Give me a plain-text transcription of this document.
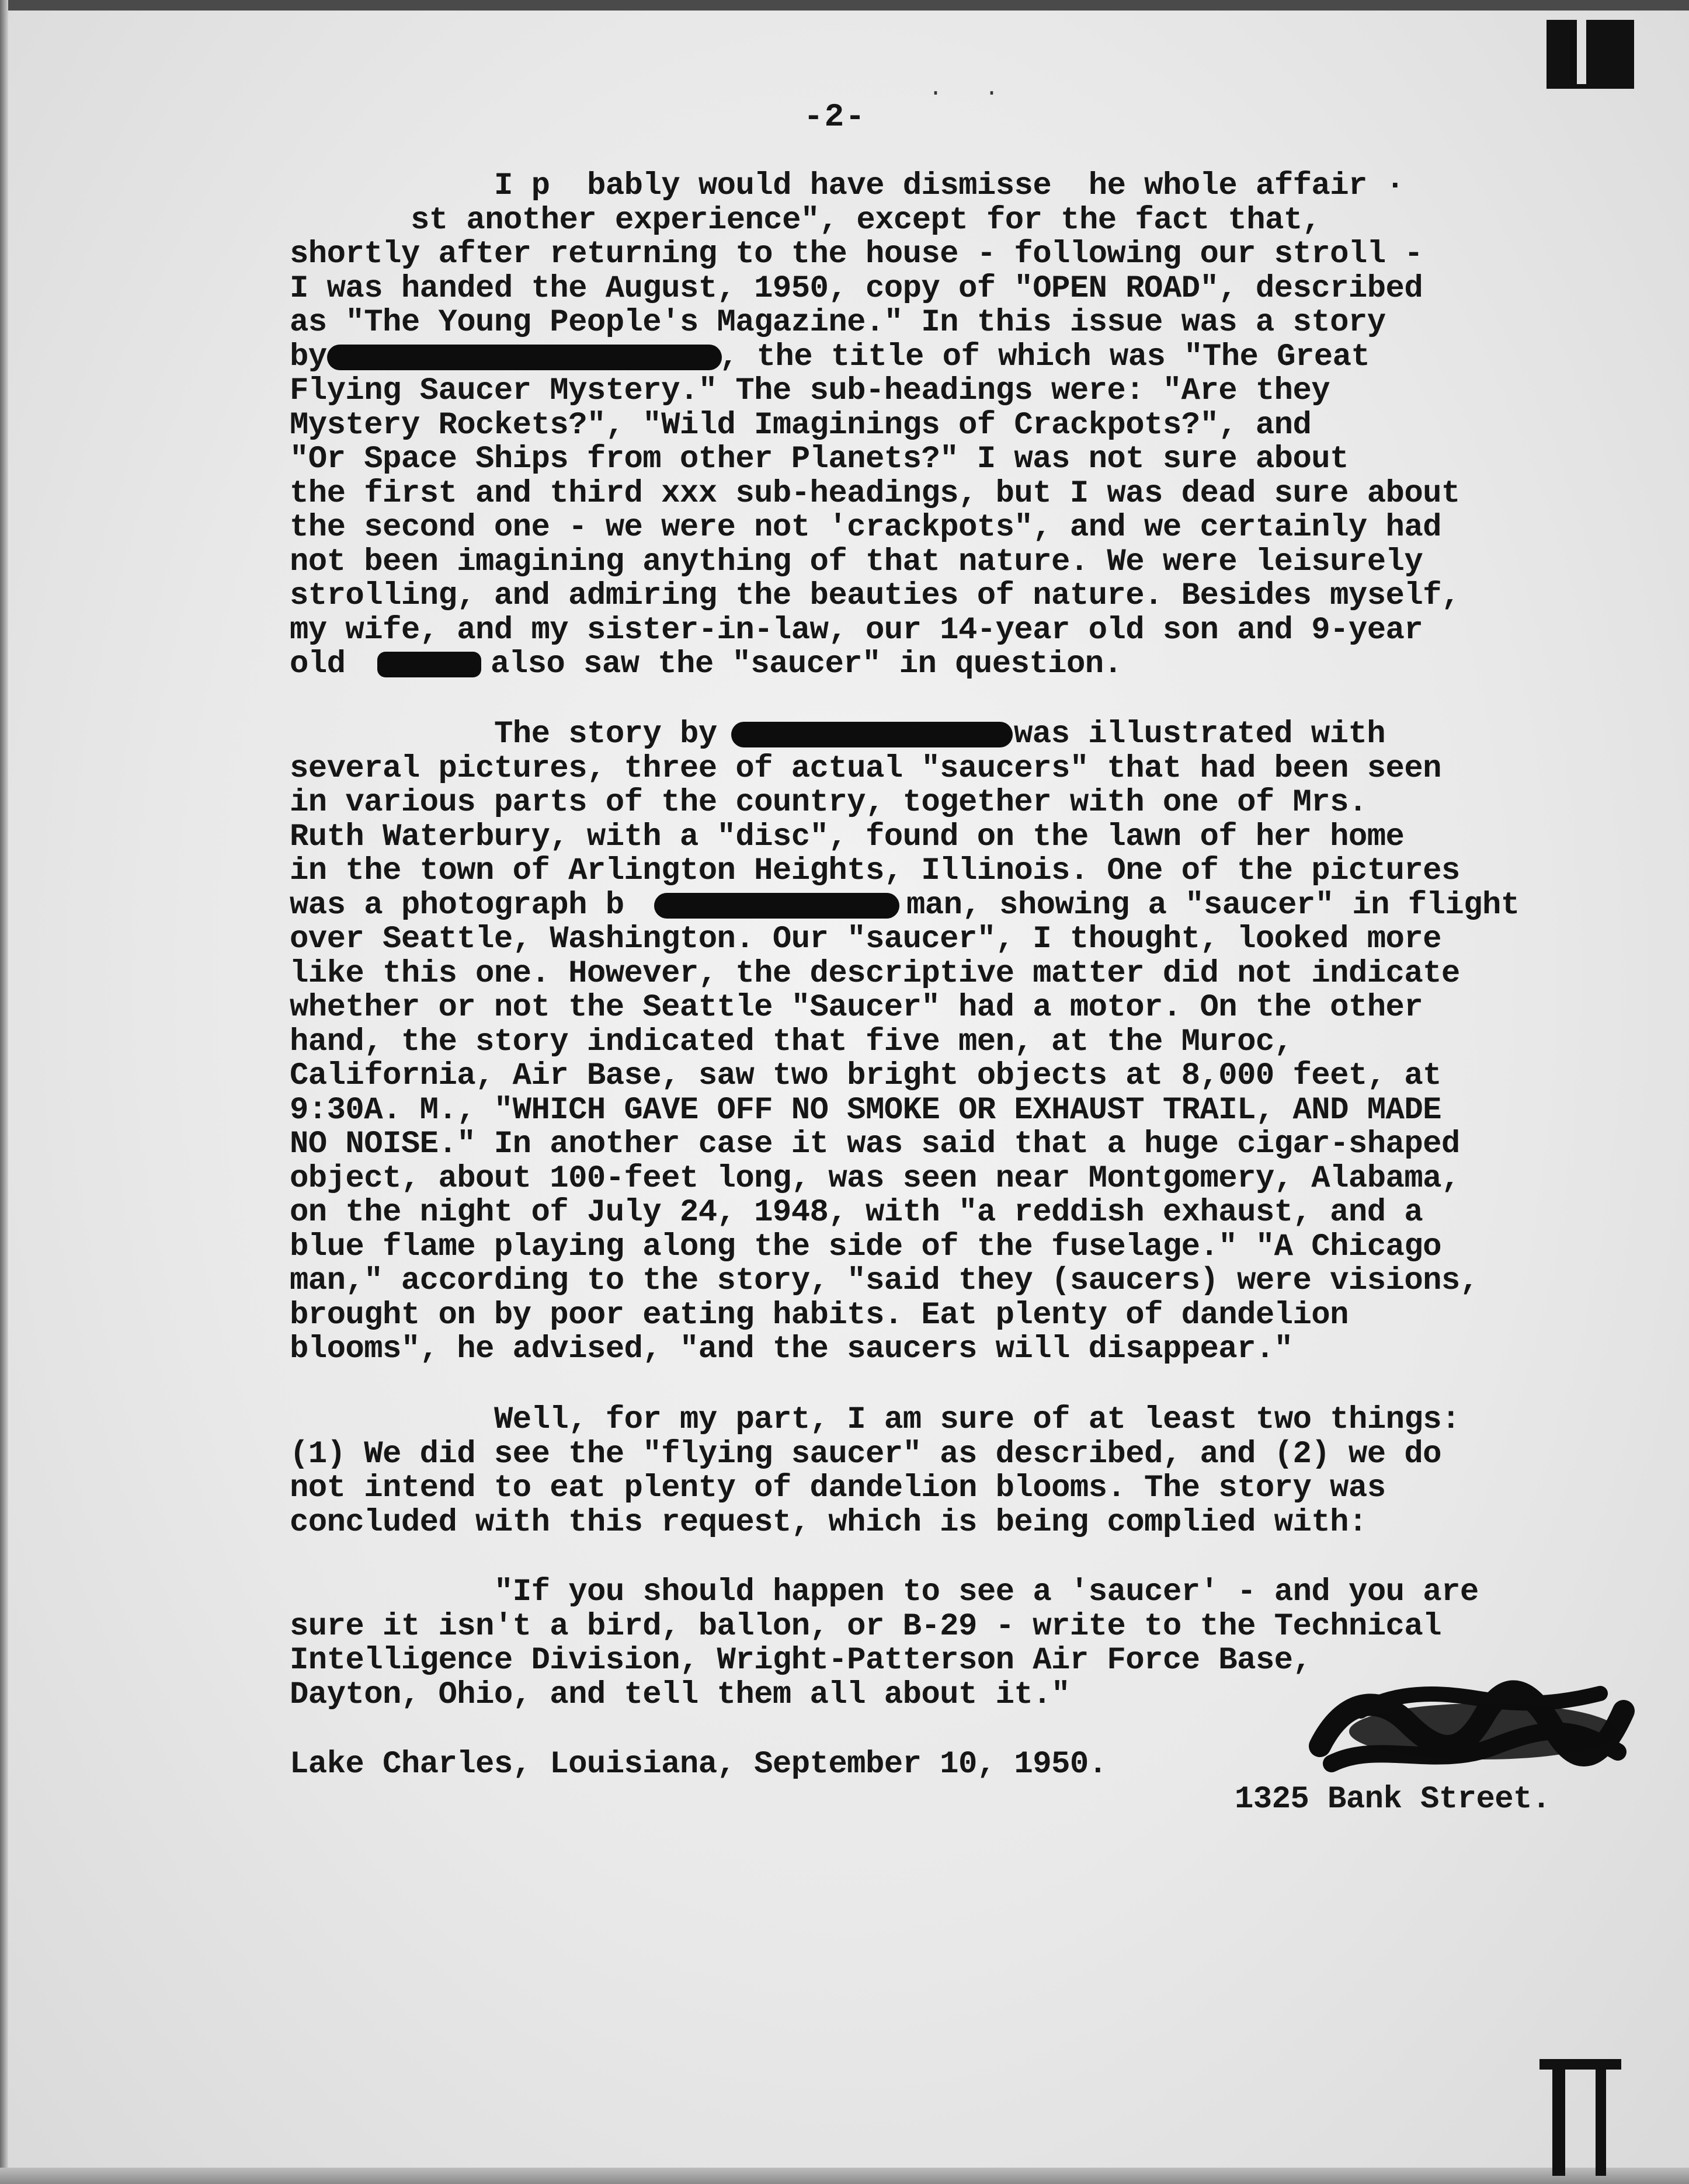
-2-
·   ·
I p  bably would have dismisse  he whole affair ·
st another experience", except for the fact that,
shortly after returning to the house - following our stroll -
I was handed the August, 1950, copy of "OPEN ROAD", described
as "The Young People's Magazine." In this issue was a story
by	, the title of which was "The Great
Flying Saucer Mystery." The sub-headings were: "Are they
Mystery Rockets?", "Wild Imaginings of Crackpots?", and
"Or Space Ships from other Planets?" I was not sure about
the first and third xxx sub-headings, but I was dead sure about
the second one - we were not 'crackpots", and we certainly had
not been imagining anything of that nature. We were leisurely
strolling, and admiring the beauties of nature. Besides myself,
my wife, and my sister-in-law, our 14-year old son and 9-year
old	also saw the "saucer" in question.
The story by	was illustrated with
several pictures, three of actual "saucers" that had been seen
in various parts of the country, together with one of Mrs.
Ruth Waterbury, with a "disc", found on the lawn of her home
in the town of Arlington Heights, Illinois. One of the pictures
was a photograph b	man, showing a "saucer" in flight
over Seattle, Washington. Our "saucer", I thought, looked more
like this one. However, the descriptive matter did not indicate
whether or not the Seattle "Saucer" had a motor. On the other
hand, the story indicated that five men, at the Muroc,
California, Air Base, saw two bright objects at 8,000 feet, at
9:30A. M., "WHICH GAVE OFF NO SMOKE OR EXHAUST TRAIL, AND MADE
NO NOISE." In another case it was said that a huge cigar-shaped
object, about 100-feet long, was seen near Montgomery, Alabama,
on the night of July 24, 1948, with "a reddish exhaust, and a
blue flame playing along the side of the fuselage." "A Chicago
man," according to the story, "said they (saucers) were visions,
brought on by poor eating habits. Eat plenty of dandelion
blooms", he advised, "and the saucers will disappear."
Well, for my part, I am sure of at least two things:
(1) We did see the "flying saucer" as described, and (2) we do
not intend to eat plenty of dandelion blooms. The story was
concluded with this request, which is being complied with:
"If you should happen to see a 'saucer' - and you are
sure it isn't a bird, ballon, or B-29 - write to the Technical
Intelligence Division, Wright-Patterson Air Force Base,
Dayton, Ohio, and tell them all about it."
Lake Charles, Louisiana, September 10, 1950.
1325 Bank Street.
